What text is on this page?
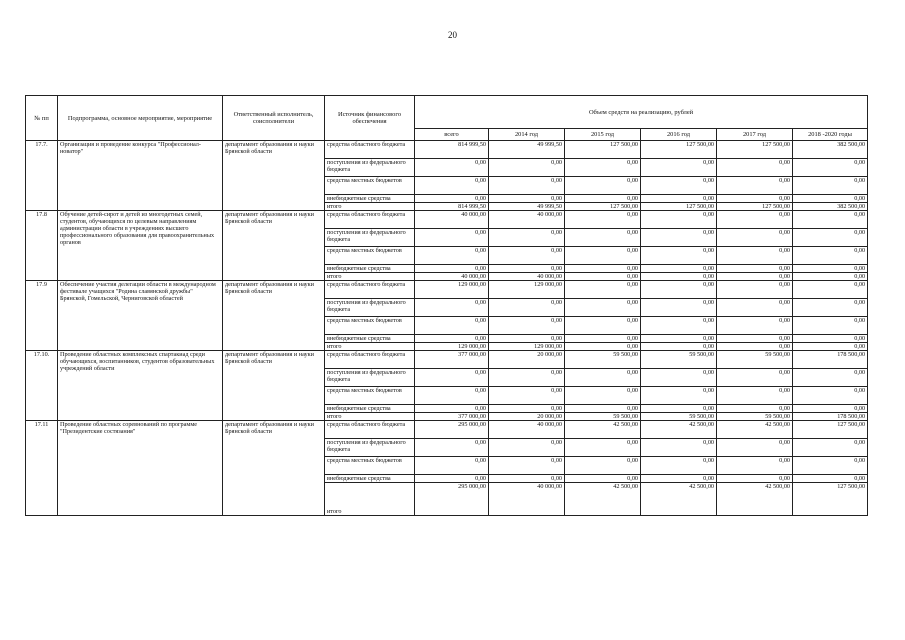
20
№ пп	Подпрограмма, основное мероприятие, мероприятие	Ответственный исполнитель, соисполнители	Источник финансового обеспечения	Объем средств на реализацию, рублей					
				всего	2014 год	2015 год	2016 год	2017 год	2018 -2020 годы
17.7.	Организация и проведение конкурса "Профессионал-новатор"	департамент образования и науки Брянской области	средства областного бюджета	814 999,50	49 999,50	127 500,00	127 500,00	127 500,00	382 500,00
			поступления из федерального бюджета	0,00	0,00	0,00	0,00	0,00	0,00
			средства местных бюджетов	0,00	0,00	0,00	0,00	0,00	0,00
			внебюджетные средства	0,00	0,00	0,00	0,00	0,00	0,00
			итого	814 999,50	49 999,50	127 500,00	127 500,00	127 500,00	382 500,00
17.8	Обучение детей-сирот и детей из многодетных семей, студентов, обучающихся по целевым направлениям администрации области в учреждениях высшего профессионального образования для правоохранительных органов	департамент образования и науки Брянской области	средства областного бюджета	40 000,00	40 000,00	0,00	0,00	0,00	0,00
			поступления из федерального бюджета	0,00	0,00	0,00	0,00	0,00	0,00
			средства местных бюджетов	0,00	0,00	0,00	0,00	0,00	0,00
			внебюджетные средства	0,00	0,00	0,00	0,00	0,00	0,00
			итого	40 000,00	40 000,00	0,00	0,00	0,00	0,00
17.9	Обеспечение участия делегации области в международном фестивале учащихся "Родина славянской дружбы" Брянской, Гомельской, Черниговской областей	департамент образования и науки Брянской области	средства областного бюджета	129 000,00	129 000,00	0,00	0,00	0,00	0,00
			поступления из федерального бюджета	0,00	0,00	0,00	0,00	0,00	0,00
			средства местных бюджетов	0,00	0,00	0,00	0,00	0,00	0,00
			внебюджетные средства	0,00	0,00	0,00	0,00	0,00	0,00
			итого	129 000,00	129 000,00	0,00	0,00	0,00	0,00
17.10.	Проведение областных комплексных спартакиад среди обучающихся, воспитанников, студентов образовательных учреждений области	департамент образования и науки Брянской области	средства областного бюджета	377 000,00	20 000,00	59 500,00	59 500,00	59 500,00	178 500,00
			поступления из федерального бюджета	0,00	0,00	0,00	0,00	0,00	0,00
			средства местных бюджетов	0,00	0,00	0,00	0,00	0,00	0,00
			внебюджетные средства	0,00	0,00	0,00	0,00	0,00	0,00
			итого	377 000,00	20 000,00	59 500,00	59 500,00	59 500,00	178 500,00
17.11	Проведение областных соревнований по программе "Президентские состязания"	департамент образования и науки Брянской области	средства областного бюджета	295 000,00	40 000,00	42 500,00	42 500,00	42 500,00	127 500,00
			поступления из федерального бюджета	0,00	0,00	0,00	0,00	0,00	0,00
			средства местных бюджетов	0,00	0,00	0,00	0,00	0,00	0,00
			внебюджетные средства	0,00	0,00	0,00	0,00	0,00	0,00
			итого	295 000,00	40 000,00	42 500,00	42 500,00	42 500,00	127 500,00
